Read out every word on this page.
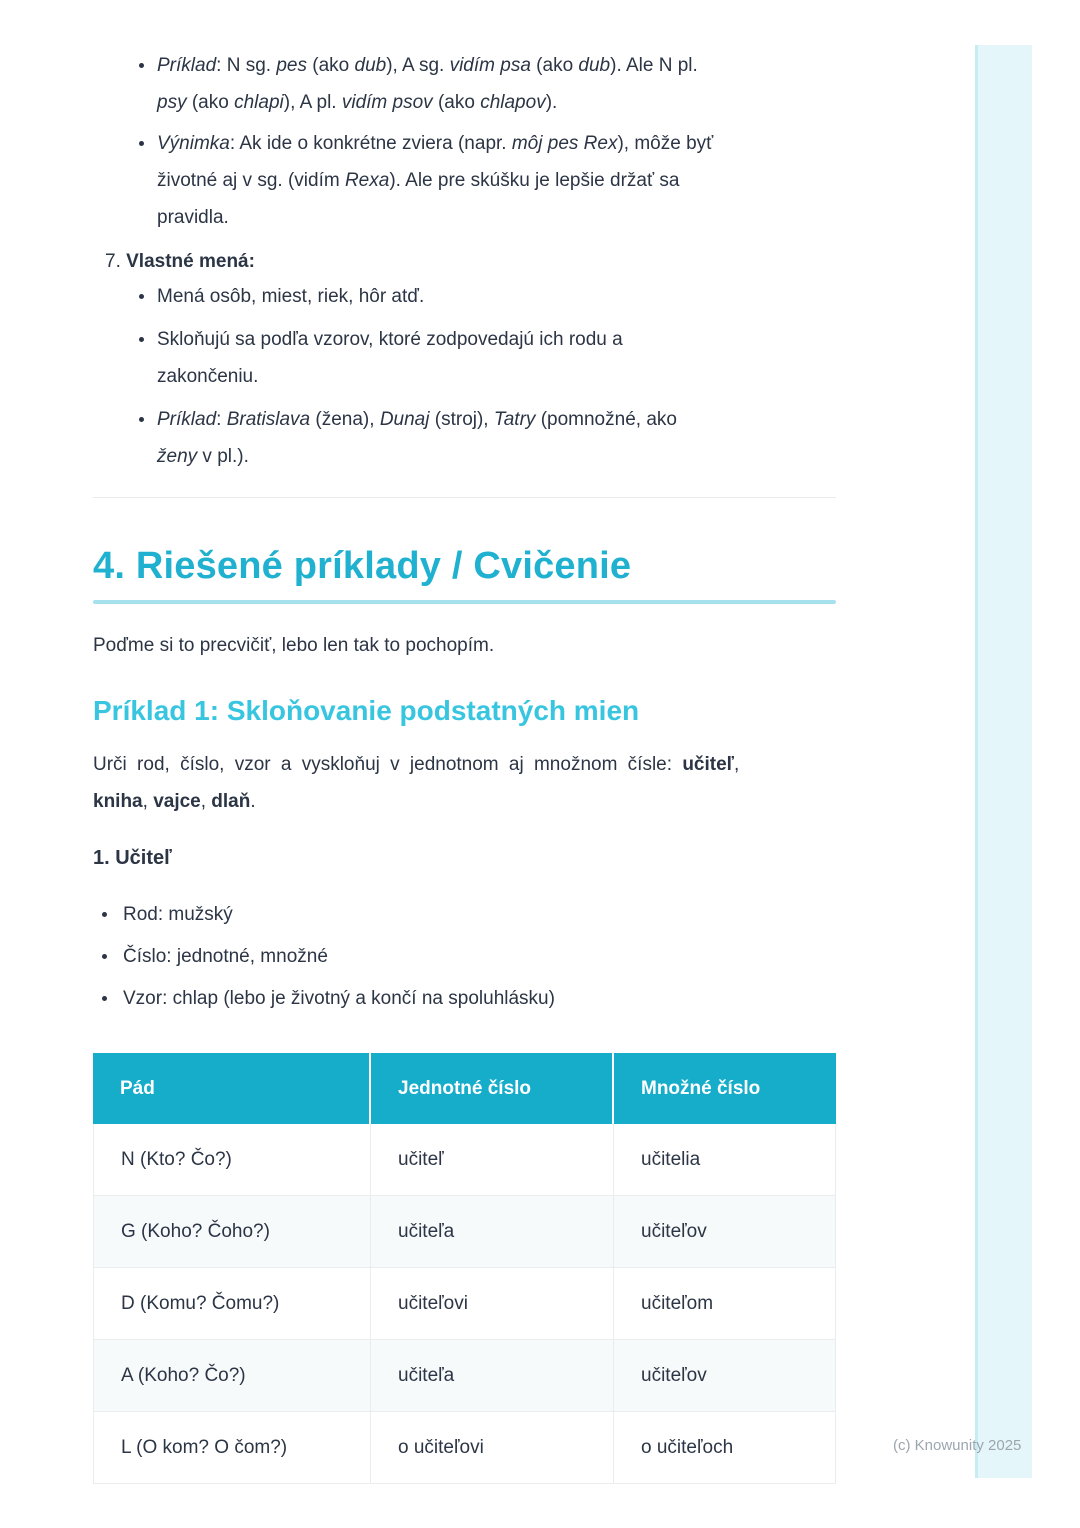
Príklad: N sg. pes (ako dub), A sg. vidím psa (ako dub). Ale N pl.
psy (ako chlapi), A pl. vidím psov (ako chlapov).
Výnimka: Ak ide o konkrétne zviera (napr. môj pes Rex), môže byť
životné aj v sg. (vidím Rexa). Ale pre skúšku je lepšie držať sa
pravidla.
7. Vlastné mená:
Mená osôb, miest, riek, hôr atď.
Skloňujú sa podľa vzorov, ktoré zodpovedajú ich rodu a
zakončeniu.
Príklad: Bratislava (žena), Dunaj (stroj), Tatry (pomnožné, ako
ženy v pl.).
4. Riešené príklady / Cvičenie

Poďme si to precvičiť, lebo len tak to pochopím.

Príklad 1: Skloňovanie podstatných mien

Urči rod, číslo, vzor a vyskloňuj v jednotnom aj množnom čísle: učiteľ,
kniha, vajce, dlaň.

1. Učiteľ
Rod: mužský
Číslo: jednotné, množné
Vzor: chlap (lebo je životný a končí na spoluhlásku)
Pád	Jednotné číslo	Množné číslo
N (Kto? Čo?)	učiteľ	učitelia
G (Koho? Čoho?)	učiteľa	učiteľov
D (Komu? Čomu?)	učiteľovi	učiteľom
A (Koho? Čo?)	učiteľa	učiteľov
L (O kom? O čom?)	o učiteľovi	o učiteľoch	(c) Knowunity 2025
